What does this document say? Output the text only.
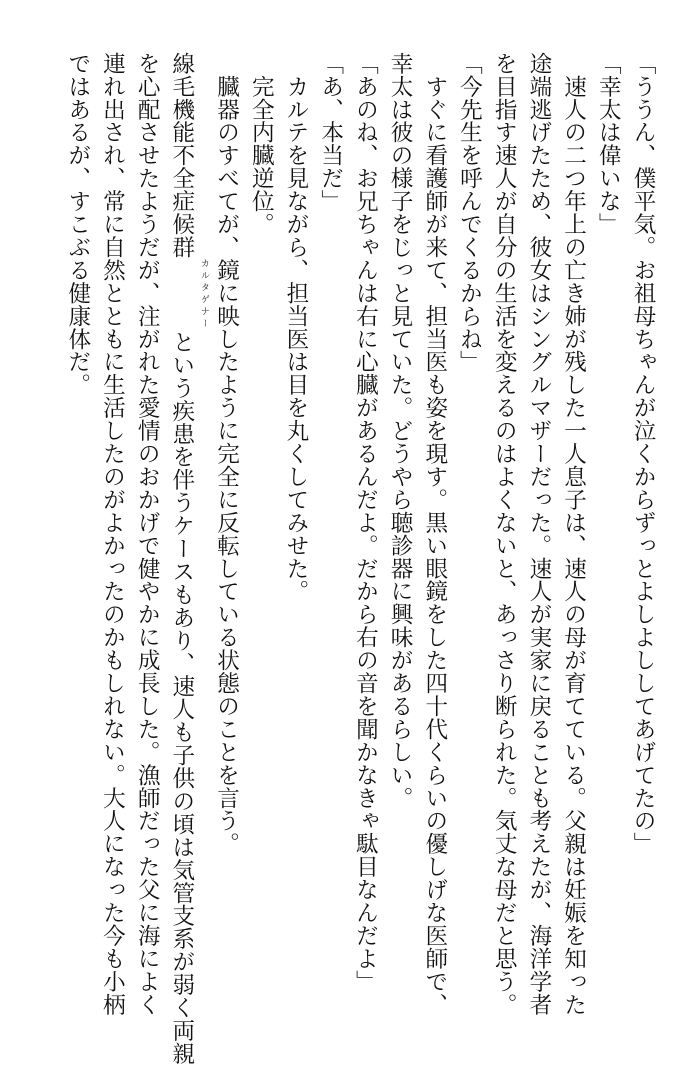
「ううん、僕平気。お祖母ちゃんが泣くからずっとよしよししてあげてたの」
「幸太は偉いな」
　速人の二つ年上の亡き姉が残した一人息子は、速人の母が育てている。父親は妊娠を知った
途端逃げたため、彼女はシングルマザーだった。速人が実家に戻ることも考えたが、海洋学者
を目指す速人が自分の生活を変えるのはよくないと、あっさり断られた。気丈な母だと思う。
「今先生を呼んでくるからね」
　すぐに看護師が来て、担当医も姿を現す。黒い眼鏡をした四十代くらいの優しげな医師で、
幸太は彼の様子をじっと見ていた。どうやら聴診器に興味があるらしい。
「あのね、お兄ちゃんは右に心臓があるんだよ。だから右の音を聞かなきゃ駄目なんだよ」
「あ、本当だ」
　カルテを見ながら、担当医は目を丸くしてみせた。
　完全内臓逆位。
　臓器のすべてが、鏡に映したように完全に反転している状態のことを言う。
線毛機能不全症候群カルタゲナーという疾患を伴うケースもあり、速人も子供の頃は気管支系が弱く両親
を心配させたようだが、注がれた愛情のおかげで健やかに成長した。漁師だった父に海によく
連れ出され、常に自然とともに生活したのがよかったのかもしれない。大人になった今も小柄
ではあるが、すこぶる健康体だ。
